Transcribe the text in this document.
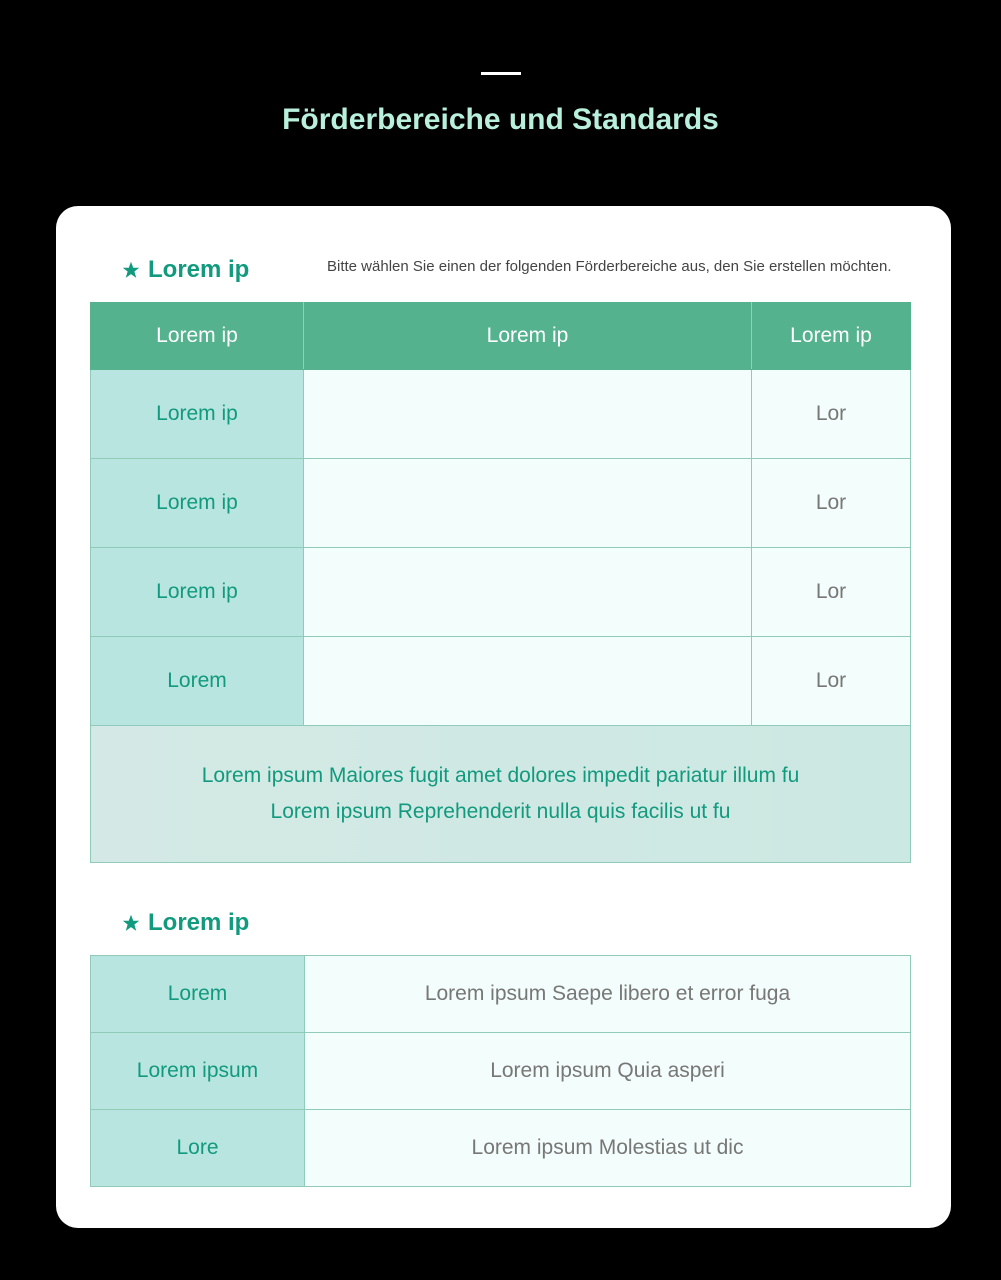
Förderbereiche und Standards
Lorem ip	Bitte wählen Sie einen der folgenden Förderbereiche aus, den Sie erstellen möchten.
Lorem ip	Lorem ip	Lorem ip
Lorem ip		Lor
Lorem ip		Lor
Lorem ip		Lor
Lorem		Lor

Lorem ipsum Maiores fugit amet dolores impedit pariatur illum fu
Lorem ipsum Reprehenderit nulla quis facilis ut fu		
Lorem ip
Lorem	Lorem ipsum Saepe libero et error fuga
Lorem ipsum	Lorem ipsum Quia asperi
Lore	Lorem ipsum Molestias ut dic
